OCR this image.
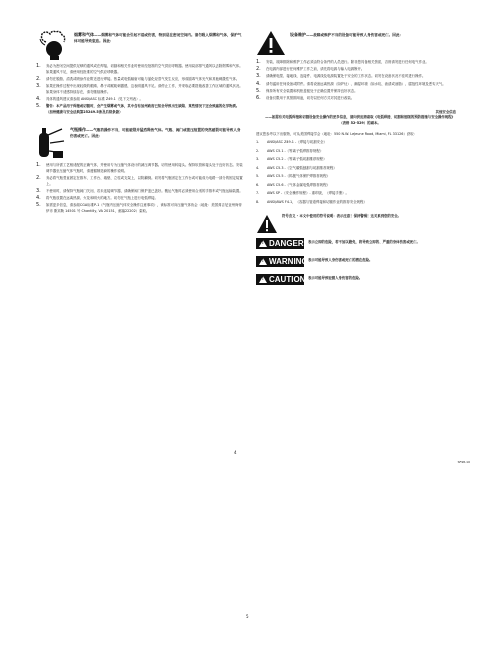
烟雾和气体——烟雾和气体可能会引起不适或伤害，特别是在密闭空间内。请勿吸入烟雾和气体，保护气体可能导致窒息。因此：
1.	务必为密闭空间提供足够的通风或在焊接、切割和相关作业时使用经批准的空气供应呼吸器。使用局部排气通风以去除烟雾和气体。如果通风不足，请使用经批准的空气供应呼吸器。
2.	请勿在脱脂、清洗或喷涂作业附近进行焊接。热量或电弧辐射可能与氯化烃蒸气发生反应，形成剧毒气体光气和其他刺激性气体。
3.	如果在操作过程中出现轻微的眼睛、鼻子或喉咙刺激感，这表明通风不足。请停止工作，并采取必要措施改善工作区域的通风状况。如果身体不适感持续存在，请勿继续操作。
4.	具体的通风建议请参阅 ANSI/ASC 标准 Z49.1（见下文列表）。
5.	警告：本产品用于焊接或切割时，会产生烟雾或气体，其中含有加州政府已知会导致出生缺陷、某些情况下还会致癌的化学物质。（加州健康与安全法典第25249.5条及后续条款）
气瓶操作——气瓶若操作不当，可能破裂并猛烈释放气体。气瓶、阀门或泄压装置的突然破裂可能导致人身伤害或死亡。因此：
1.	使用与所需工艺相适配的正确气体，并使用专为压缩气体设计的减压调节器。切勿使用转接头。保持软管和接头处于良好状态。安装调节器至压缩气体气瓶时，请遵循制造商的操作说明。
2.	务必将气瓶竖直固定在推车、工作台、墙壁、立柱或支架上，以防翻倒。切勿将气瓶固定在工作台或可能成为电路一部分的固定装置上。
3.	不使用时，请保持气瓶阀门关闭，若未连接调节器，请确保阀门保护盖已盖好。搬运气瓶时必须使用合适的手推车或气瓶运输装置。
4.	将气瓶放置在远离热源、火花和明火的地方。切勿在气瓶上进行电弧焊接。
5.	如需更多信息，请参阅CGA标准P-1《气瓶内压缩气体安全操作注意事项》，该标准可向压缩气体协会（地址：美国弗吉尼亚州尚蒂伊市 斯宾勒 14501 号 Chantilly, VA 20151，邮编22202）索取。
设备维护——故障或维护不当的设备可能导致人身伤害或死亡。因此：
1.	安装、故障排除和维护工作必须由符合条件的人员进行。除非您具备相关资质，否则请勿进行任何电气作业。
2.	在电源内部进行任何维护工作之前，请先将电源与输入电源断开。
3.	请确保电缆、接地线、连接件、电源线及电源装置处于安全的工作状态。切勿在设备状况不佳时进行操作。
4.	请勿滥用任何设备或附件。请将设备远离热源（如炉灶）、潮湿环境（如水坑、油渍或油脂）、腐蚀性环境及恶劣天气。
5.	保持所有安全装置和机柜盖板处于正确位置并保持良好状态。
6.	设备仅限用于其预期用途，切勿以任何方式对其进行改装。
其他安全信息
——如需有关电弧焊接和切割设备安全操作的更多信息，请向供应商索取《电弧焊接、切割和刨削的预防措施与安全操作规程》（表格 52-529）的副本。

建议您参考以下出版物，可从美国焊接学会（地址：550 N.W. LeJeune Road, Miami, FL 33126）获取：

1.	ANSI/ASC Z49.1 -《焊接与切割安全》
2.	AWS C5.1 -《等离子弧焊推荐规程》
3.	AWS C5.2 -《等离子弧切割推荐规程》
4.	AWS C5.3 -《空气碳弧刨割与切割推荐规程》
5.	AWS C5.5 -《钨极气体保护焊推荐规程》
6.	AWS C5.6 -《气体金属电弧焊推荐规程》
7.	AWS SP -《安全操作规程》- 重印版，《焊接手册》。
8.	ANSI/AWS F4.1，《容器与管道焊接和切割作业的推荐安全规程》
符号含义 - 本文中使用的符号说明：表示注意！保持警惕！这关系到您的安全。
!
DANGER 表示立即的危险，若不加以避免，将导致立即的、严重的身体伤害或死亡。
!
WARNING 表示可能导致人身伤害或死亡的潜在危险。
!
CAUTION 表示可能导致轻微人身伤害的危险。
4
SF98-10
5
